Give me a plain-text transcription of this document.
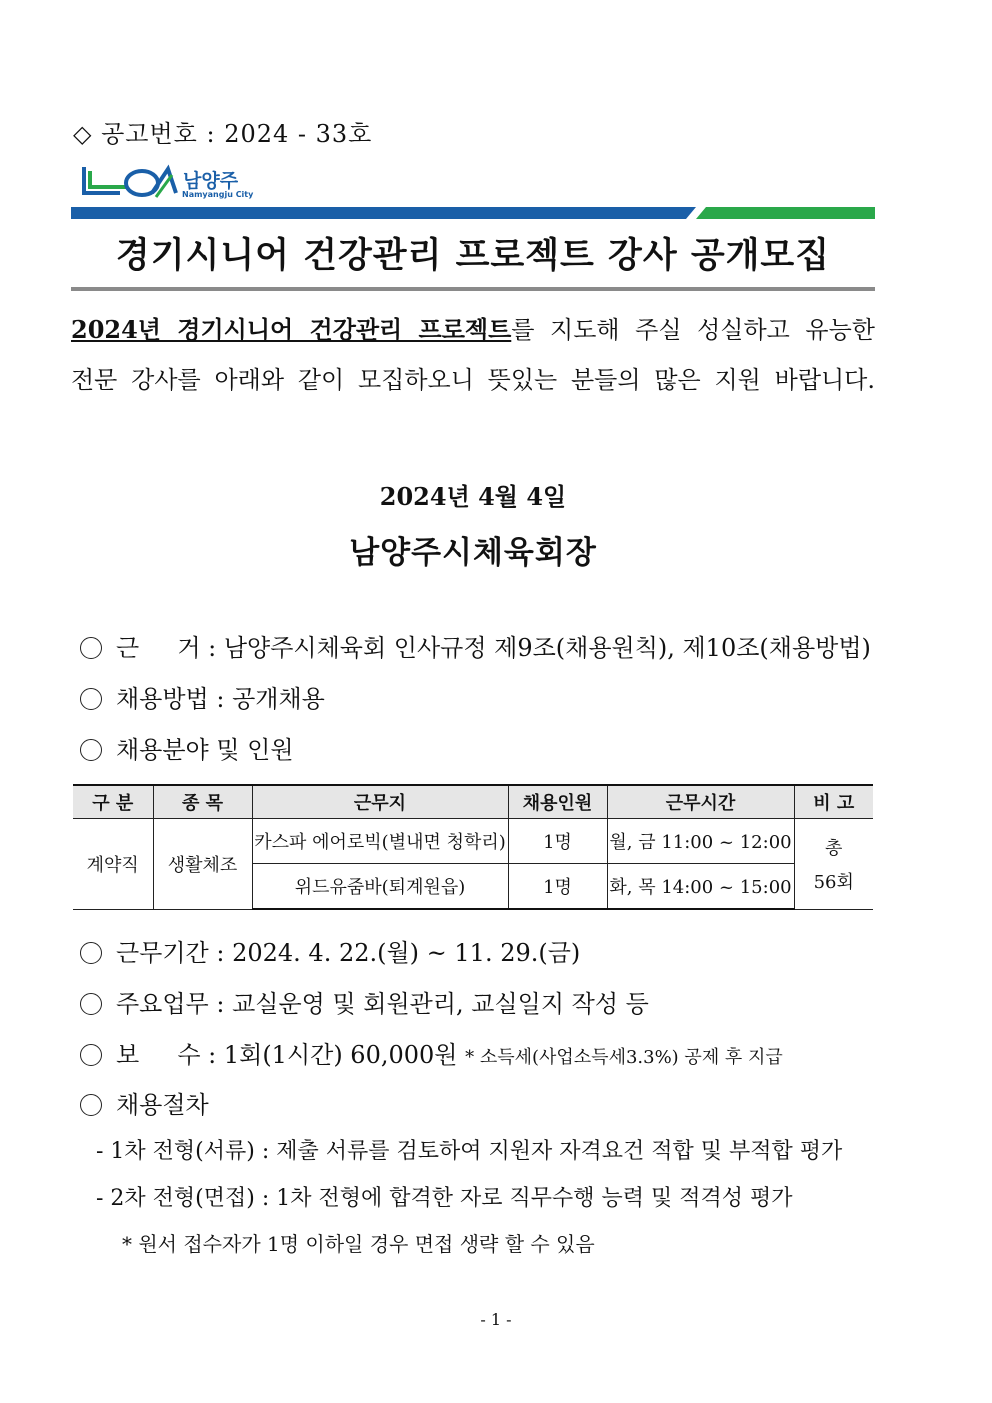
◇ 공고번호 : 2024 - 33호
남양주
Namyangju City
경기시니어 건강관리 프로젝트 강사 공개모집
2024년 경기시니어 건강관리 프로젝트를 지도해 주실 성실하고 유능한
전문 강사를 아래와 같이 모집하오니 뜻있는 분들의 많은 지원 바랍니다.
2024년 4월 4일
남양주시체육회장
근     거 : 남양주시체육회 인사규정 제9조(채용원칙), 제10조(채용방법)
채용방법 : 공개채용
채용분야 및 인원
구 분	종 목	근무지	채용인원	근무시간	비 고
계약직	생활체조	카스파 에어로빅(별내면 청학리)	1명	월, 금 11:00 ~ 12:00	총
56회

		위드유줌바(퇴계원읍)	1명	화, 목 14:00 ~ 15:00	
근무기간 : 2024. 4. 22.(월) ~ 11. 29.(금)
주요업무 : 교실운영 및 회원관리, 교실일지 작성 등
보     수 : 1회(1시간) 60,000원 * 소득세(사업소득세3.3%) 공제 후 지급
채용절차
- 1차 전형(서류) : 제출 서류를 검토하여 지원자 자격요건 적합 및 부적합 평가
- 2차 전형(면접) : 1차 전형에 합격한 자로 직무수행 능력 및 적격성 평가
* 원서 접수자가 1명 이하일 경우 면접 생략 할 수 있음
- 1 -
